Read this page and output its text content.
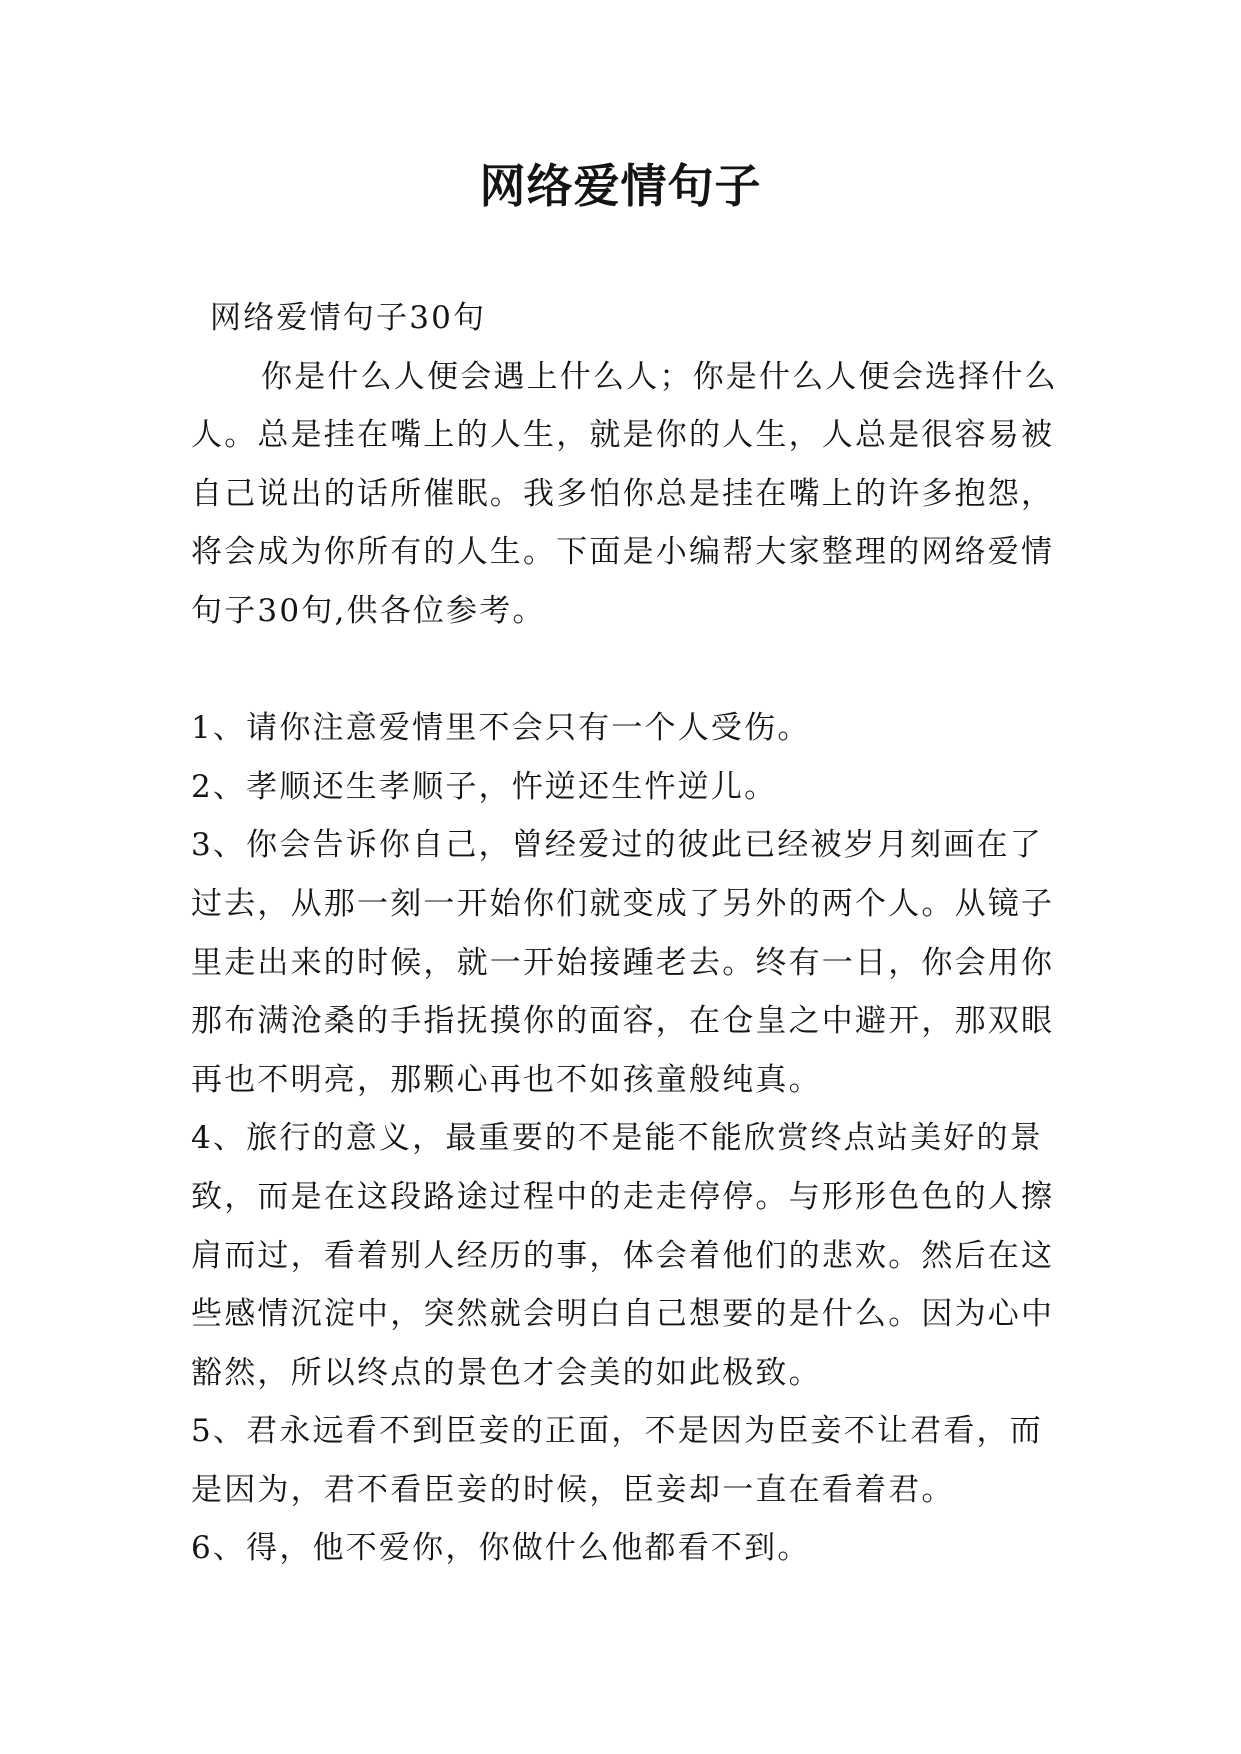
网络爱情句子
网络爱情句子30句
你是什么人便会遇上什么人；你是什么人便会选择什么
人。总是挂在嘴上的人生，就是你的人生，人总是很容易被
自己说出的话所催眠。我多怕你总是挂在嘴上的许多抱怨，
将会成为你所有的人生。下面是小编帮大家整理的网络爱情
句子30句,供各位参考。
1、请你注意爱情里不会只有一个人受伤。
2、孝顺还生孝顺子，忤逆还生忤逆儿。
3、你会告诉你自己，曾经爱过的彼此已经被岁月刻画在了
过去，从那一刻一开始你们就变成了另外的两个人。从镜子
里走出来的时候，就一开始接踵老去。终有一日，你会用你
那布满沧桑的手指抚摸你的面容，在仓皇之中避开，那双眼
再也不明亮，那颗心再也不如孩童般纯真。
4、旅行的意义，最重要的不是能不能欣赏终点站美好的景
致，而是在这段路途过程中的走走停停。与形形色色的人擦
肩而过，看着别人经历的事，体会着他们的悲欢。然后在这
些感情沉淀中，突然就会明白自己想要的是什么。因为心中
豁然，所以终点的景色才会美的如此极致。
5、君永远看不到臣妾的正面，不是因为臣妾不让君看，而
是因为，君不看臣妾的时候，臣妾却一直在看着君。
6、得，他不爱你，你做什么他都看不到。
